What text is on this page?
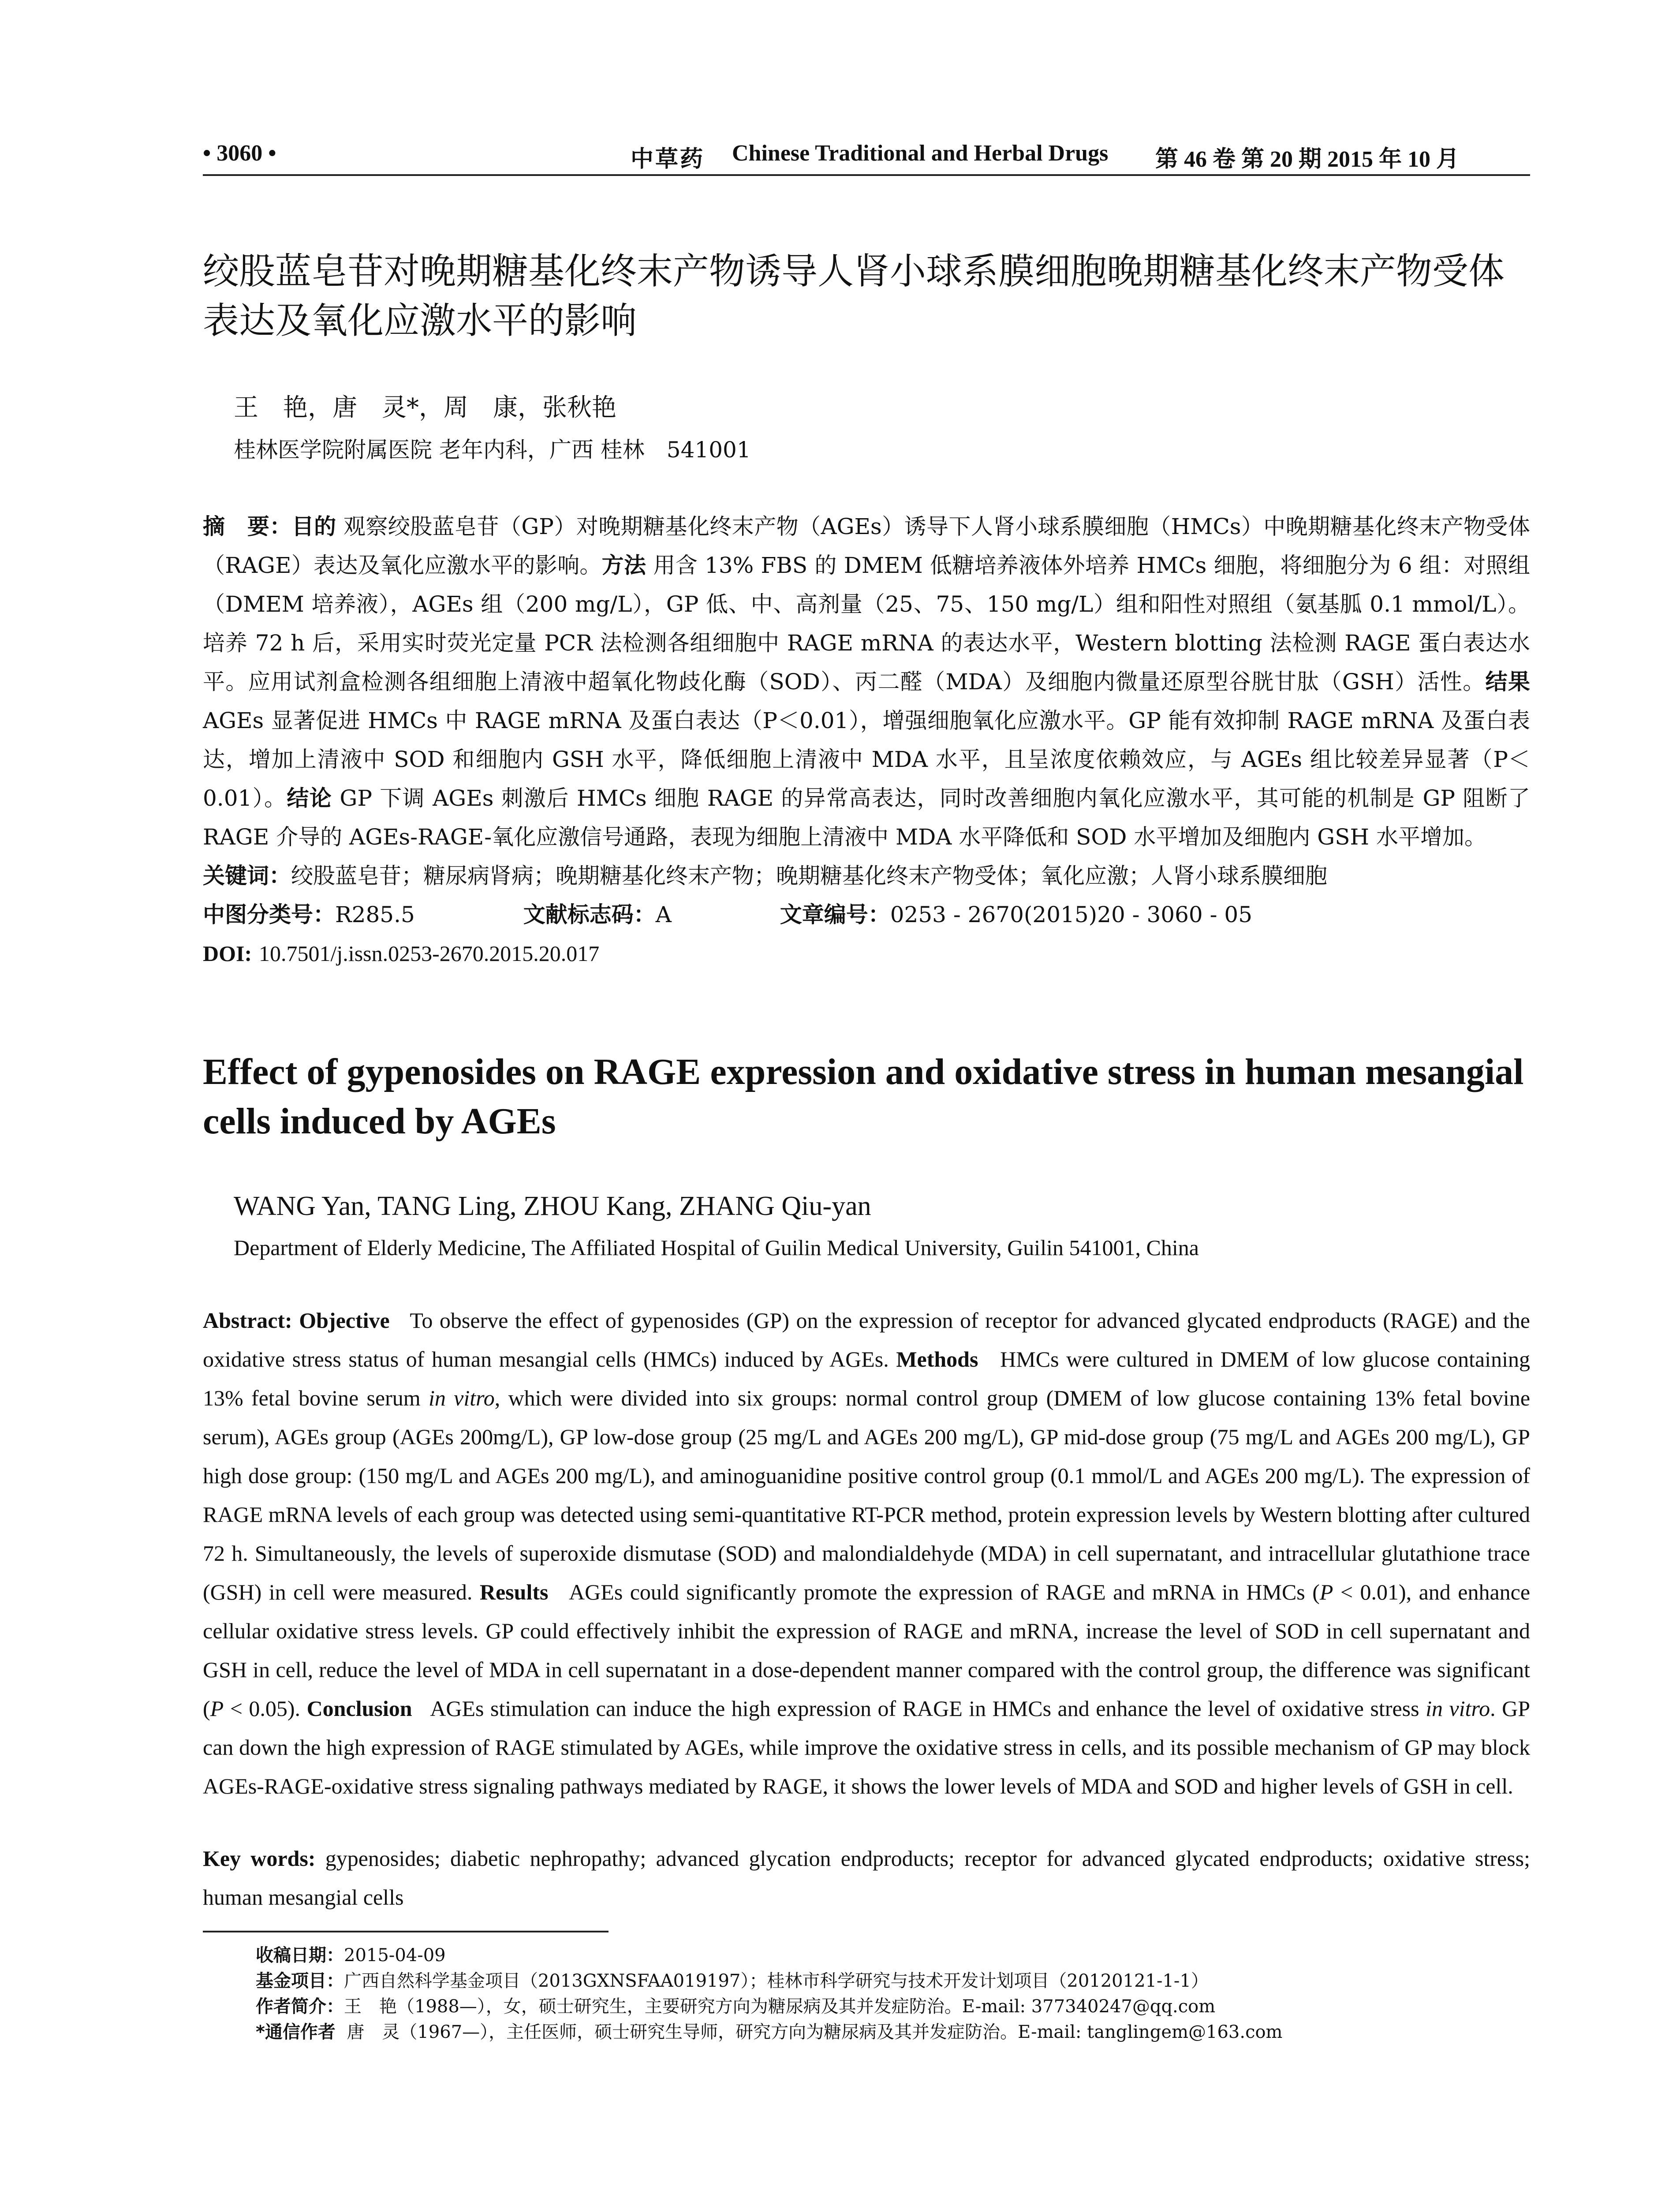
• 3060 •	中草药 Chinese Traditional and Herbal Drugs 第 46 卷 第 20 期 2015 年 10 月
绞股蓝皂苷对晚期糖基化终末产物诱导人肾小球系膜细胞晚期糖基化终末产物受体表达及氧化应激水平的影响
王　艳，唐　灵*，周　康，张秋艳
桂林医学院附属医院 老年内科，广西 桂林　541001
摘　要：目的 观察绞股蓝皂苷（GP）对晚期糖基化终末产物（AGEs）诱导下人肾小球系膜细胞（HMCs）中晚期糖基化终末产物受体（RAGE）表达及氧化应激水平的影响。方法 用含 13% FBS 的 DMEM 低糖培养液体外培养 HMCs 细胞，将细胞分为 6 组：对照组（DMEM 培养液），AGEs 组（200 mg/L），GP 低、中、高剂量（25、75、150 mg/L）组和阳性对照组（氨基胍 0.1 mmol/L）。培养 72 h 后，采用实时荧光定量 PCR 法检测各组细胞中 RAGE mRNA 的表达水平，Western blotting 法检测 RAGE 蛋白表达水平。应用试剂盒检测各组细胞上清液中超氧化物歧化酶（SOD）、丙二醛（MDA）及细胞内微量还原型谷胱甘肽（GSH）活性。结果 AGEs 显著促进 HMCs 中 RAGE mRNA 及蛋白表达（P＜0.01），增强细胞氧化应激水平。GP 能有效抑制 RAGE mRNA 及蛋白表达，增加上清液中 SOD 和细胞内 GSH 水平，降低细胞上清液中 MDA 水平，且呈浓度依赖效应，与 AGEs 组比较差异显著（P＜0.01）。结论 GP 下调 AGEs 刺激后 HMCs 细胞 RAGE 的异常高表达，同时改善细胞内氧化应激水平，其可能的机制是 GP 阻断了 RAGE 介导的 AGEs-RAGE-氧化应激信号通路，表现为细胞上清液中 MDA 水平降低和 SOD 水平增加及细胞内 GSH 水平增加。
关键词：绞股蓝皂苷；糖尿病肾病；晚期糖基化终末产物；晚期糖基化终末产物受体；氧化应激；人肾小球系膜细胞
中图分类号：R285.5	文献标志码：A	文章编号：0253 - 2670(2015)20 - 3060 - 05
DOI: 10.7501/j.issn.0253-2670.2015.20.017
Effect of gypenosides on RAGE expression and oxidative stress in human mesangial cells induced by AGEs
WANG Yan, TANG Ling, ZHOU Kang, ZHANG Qiu-yan
Department of Elderly Medicine, The Affiliated Hospital of Guilin Medical University, Guilin 541001, China
Abstract: Objective To observe the effect of gypenosides (GP) on the expression of receptor for advanced glycated endproducts (RAGE) and the oxidative stress status of human mesangial cells (HMCs) induced by AGEs. Methods HMCs were cultured in DMEM of low glucose containing 13% fetal bovine serum in vitro, which were divided into six groups: normal control group (DMEM of low glucose containing 13% fetal bovine serum), AGEs group (AGEs 200mg/L), GP low-dose group (25 mg/L and AGEs 200 mg/L), GP mid-dose group (75 mg/L and AGEs 200 mg/L), GP high dose group: (150 mg/L and AGEs 200 mg/L), and aminoguanidine positive control group (0.1 mmol/L and AGEs 200 mg/L). The expression of RAGE mRNA levels of each group was detected using semi-quantitative RT-PCR method, protein expression levels by Western blotting after cultured 72 h. Simultaneously, the levels of superoxide dismutase (SOD) and malondialdehyde (MDA) in cell supernatant, and intracellular glutathione trace (GSH) in cell were measured. Results AGEs could significantly promote the expression of RAGE and mRNA in HMCs (P < 0.01), and enhance cellular oxidative stress levels. GP could effectively inhibit the expression of RAGE and mRNA, increase the level of SOD in cell supernatant and GSH in cell, reduce the level of MDA in cell supernatant in a dose-dependent manner compared with the control group, the difference was significant (P < 0.05). Conclusion AGEs stimulation can induce the high expression of RAGE in HMCs and enhance the level of oxidative stress in vitro. GP can down the high expression of RAGE stimulated by AGEs, while improve the oxidative stress in cells, and its possible mechanism of GP may block AGEs-RAGE-oxidative stress signaling pathways mediated by RAGE, it shows the lower levels of MDA and SOD and higher levels of GSH in cell.
Key words: gypenosides; diabetic nephropathy; advanced glycation endproducts; receptor for advanced glycated endproducts; oxidative stress; human mesangial cells
收稿日期：2015-04-09
基金项目：广西自然科学基金项目（2013GXNSFAA019197）；桂林市科学研究与技术开发计划项目（20120121-1-1）
作者简介：王　艳（1988—），女，硕士研究生，主要研究方向为糖尿病及其并发症防治。E-mail: 377340247@qq.com
*通信作者 唐　灵（1967—），主任医师，硕士研究生导师，研究方向为糖尿病及其并发症防治。E-mail: tanglingem@163.com
